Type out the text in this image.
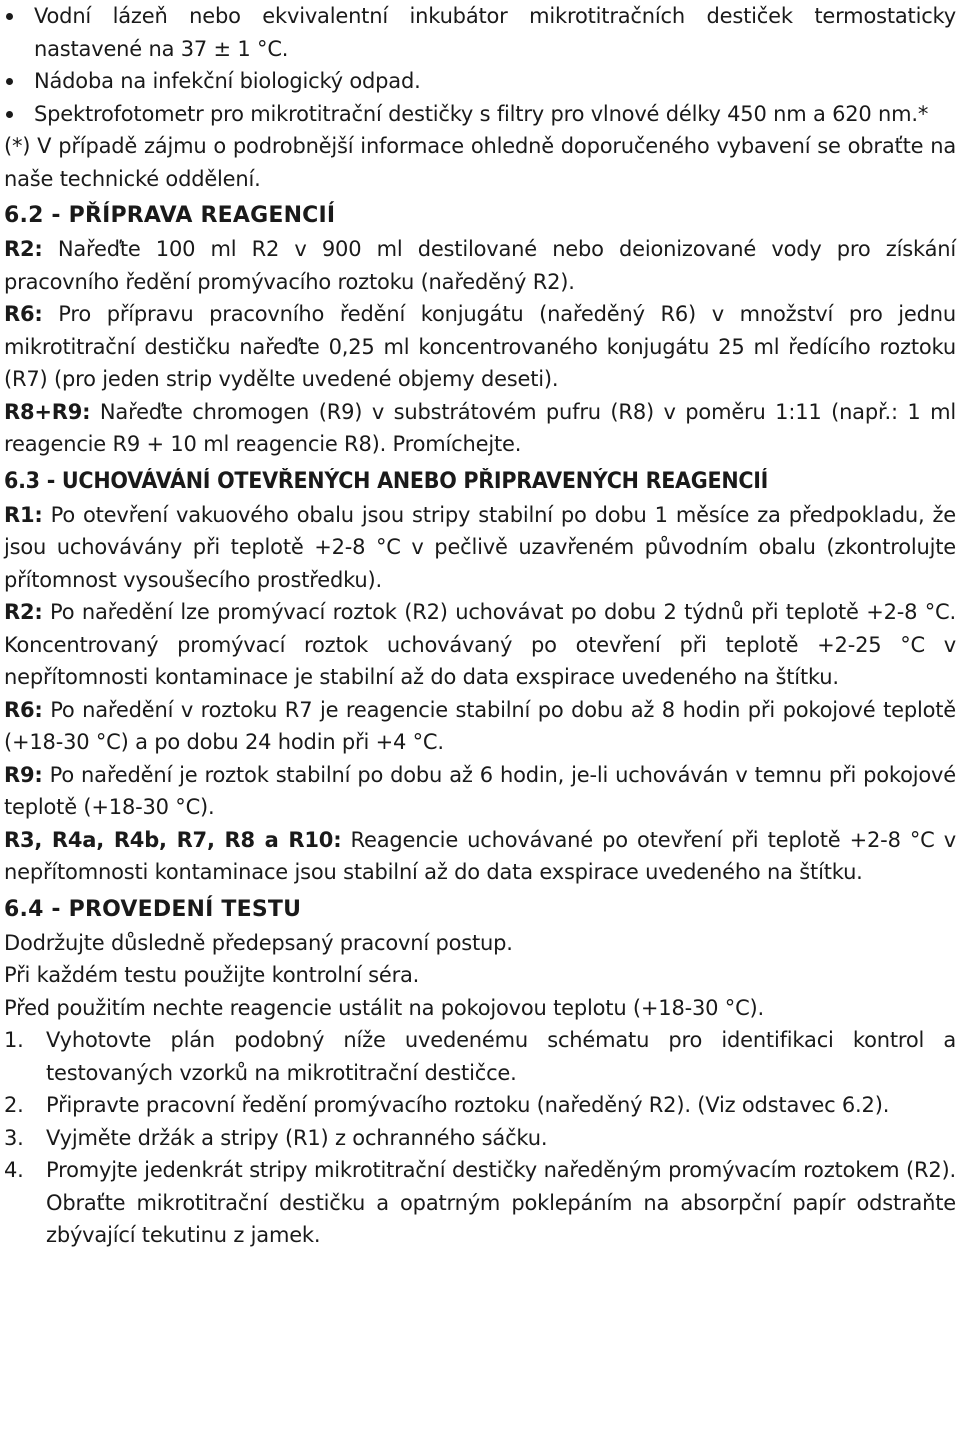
Vodní lázeň nebo ekvivalentní inkubátor mikrotitračních destiček termostaticky nastavené na 37 ± 1 °C.
Nádoba na infekční biologický odpad.
Spektrofotometr pro mikrotitrační destičky s filtry pro vlnové délky 450 nm a 620 nm.*

(*) V případě zájmu o podrobnější informace ohledně doporučeného vybavení se obraťte na naše technické oddělení.

6.2 - PŘÍPRAVA REAGENCIÍ

R2: Nařeďte 100 ml R2 v 900 ml destilované nebo deionizované vody pro získání pracovního ředění promývacího roztoku (naředěný R2).

R6: Pro přípravu pracovního ředění konjugátu (naředěný R6) v množství pro jednu mikrotitrační destičku nařeďte 0,25 ml koncentrovaného konjugátu 25 ml ředícího roztoku (R7) (pro jeden strip vydělte uvedené objemy deseti).

R8+R9: Nařeďte chromogen (R9) v substrátovém pufru (R8) v poměru 1:11 (např.: 1 ml reagencie R9 + 10 ml reagencie R8). Promíchejte.

6.3 - UCHOVÁVÁNÍ OTEVŘENÝCH ANEBO PŘIPRAVENÝCH REAGENCIÍ

R1: Po otevření vakuového obalu jsou stripy stabilní po dobu 1 měsíce za předpokladu, že jsou uchovávány při teplotě +2-8 °C v pečlivě uzavřeném původním obalu (zkontrolujte přítomnost vysoušecího prostředku).

R2: Po naředění lze promývací roztok (R2) uchovávat po dobu 2 týdnů při teplotě +2-8 °C. Koncentrovaný promývací roztok uchovávaný po otevření při teplotě +2-25 °C v nepřítomnosti kontaminace je stabilní až do data exspirace uvedeného na štítku.

R6: Po naředění v roztoku R7 je reagencie stabilní po dobu až 8 hodin při pokojové teplotě (+18-30 °C) a po dobu 24 hodin při +4 °C.

R9: Po naředění je roztok stabilní po dobu až 6 hodin, je-li uchováván v temnu při pokojové teplotě (+18-30 °C).

R3, R4a, R4b, R7, R8 a R10: Reagencie uchovávané po otevření při teplotě +2-8 °C v nepřítomnosti kontaminace jsou stabilní až do data exspirace uvedeného na štítku.

6.4 - PROVEDENÍ TESTU

Dodržujte důsledně předepsaný pracovní postup.

Při každém testu použijte kontrolní séra.

Před použitím nechte reagencie ustálit na pokojovou teplotu (+18-30 °C).

1. Vyhotovte plán podobný níže uvedenému schématu pro identifikaci kontrol a testovaných vzorků na mikrotitrační destičce.
2. Připravte pracovní ředění promývacího roztoku (naředěný R2). (Viz odstavec 6.2).
3. Vyjměte držák a stripy (R1) z ochranného sáčku.
4. Promyjte jedenkrát stripy mikrotitrační destičky naředěným promývacím roztokem (R2). Obraťte mikrotitrační destičku a opatrným poklepáním na absorpční papír odstraňte zbývající tekutinu z jamek.
